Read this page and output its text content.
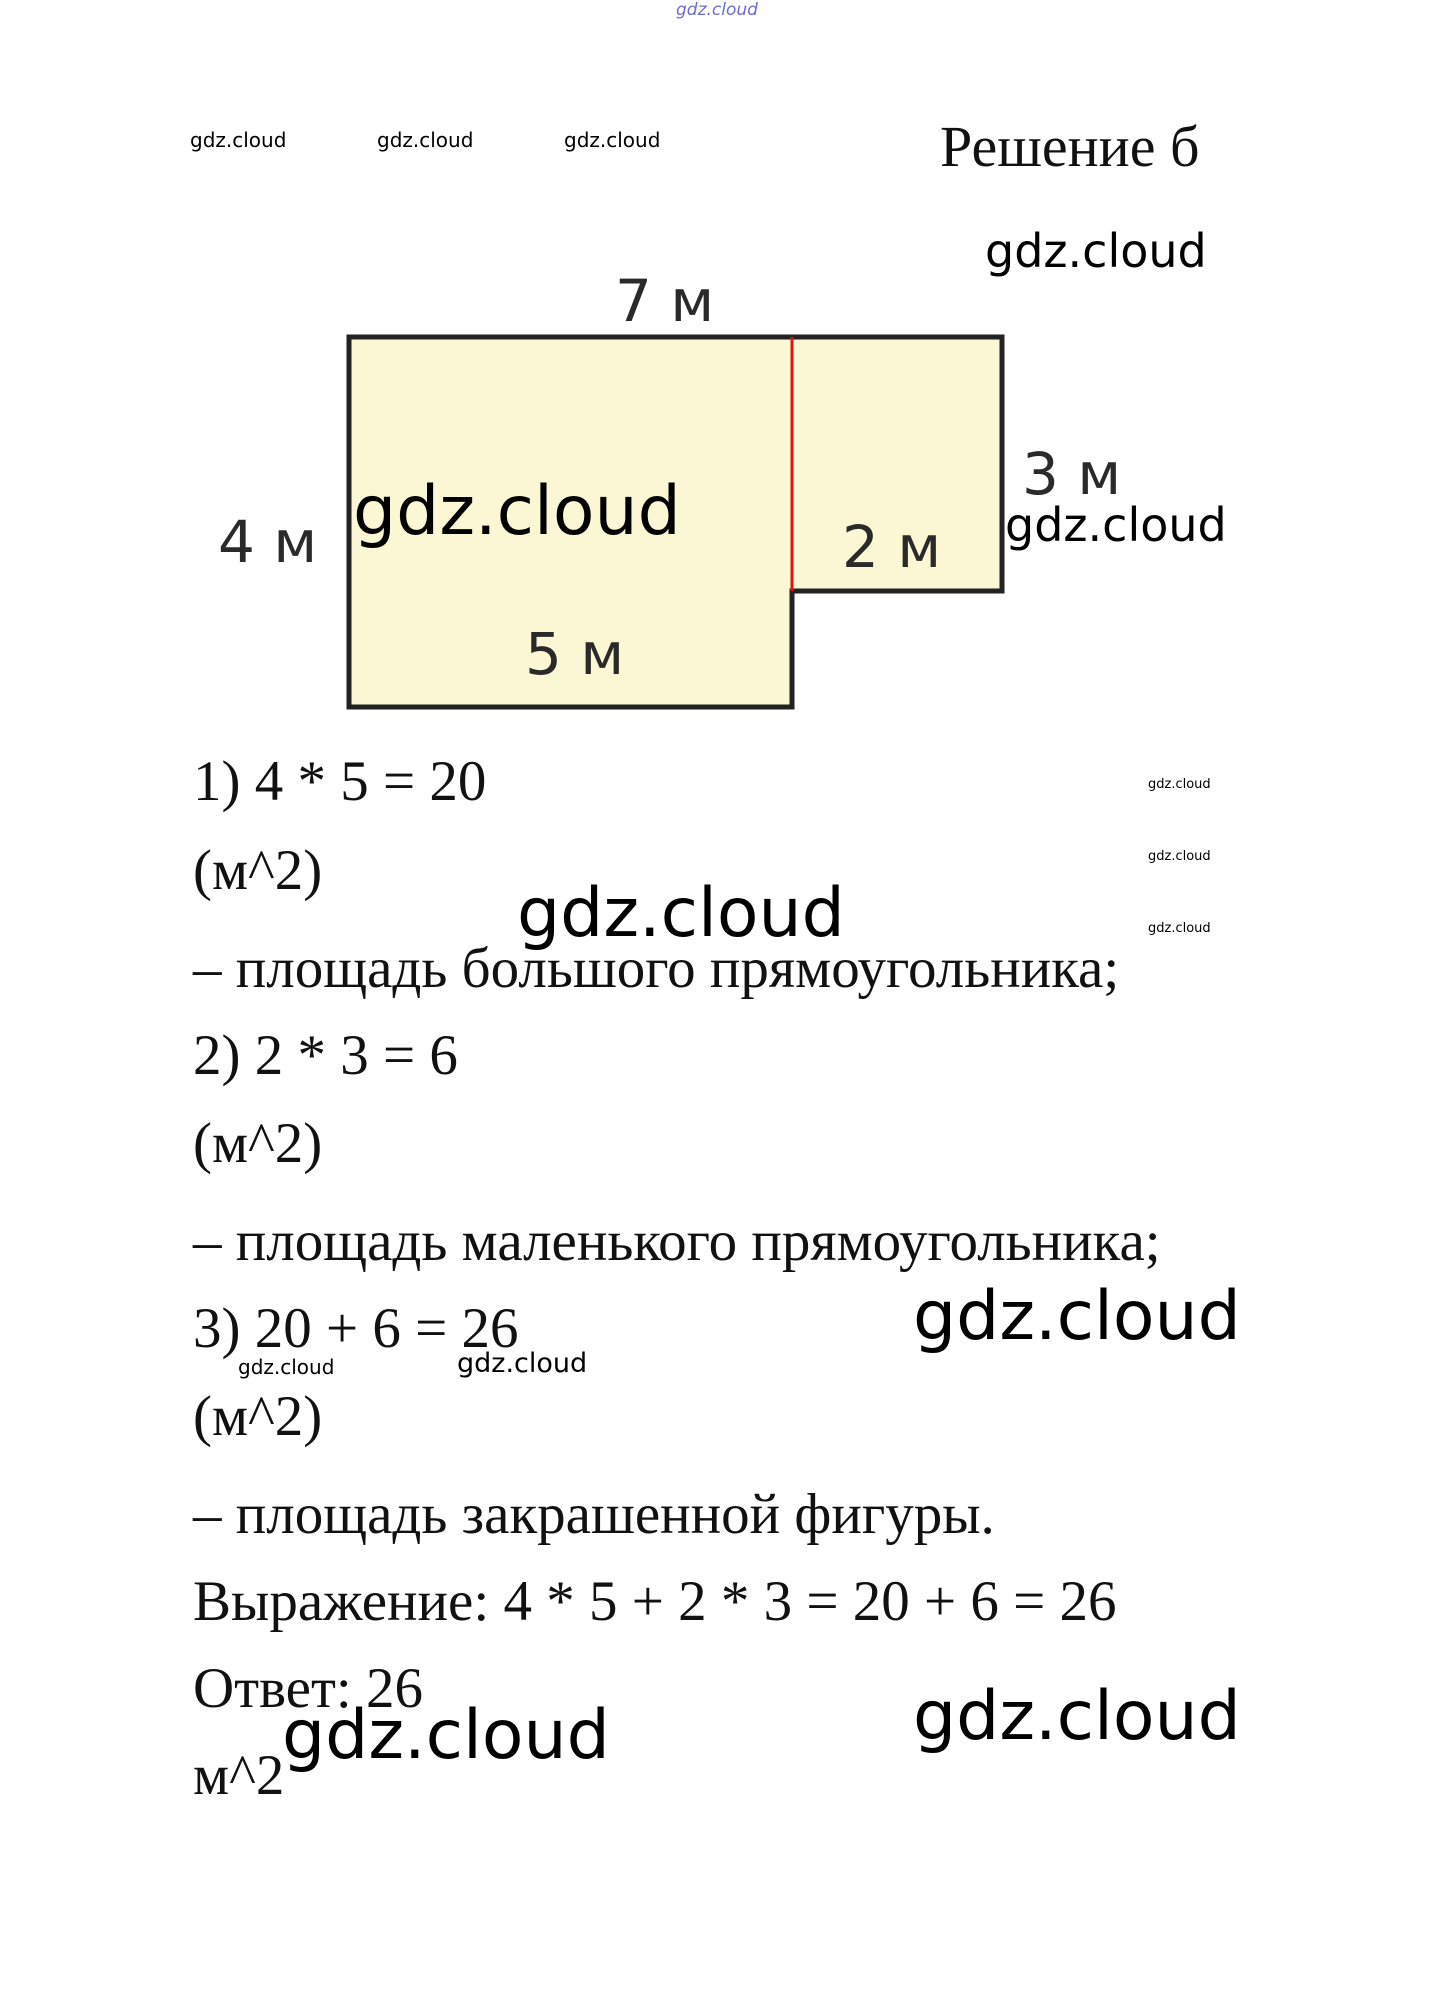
gdz.cloud
gdz.cloud	gdz.cloud	gdz.cloud	Решение б
gdz.cloud
7 м
4 м
3 м
2 м
5 м
gdz.cloud	gdz.cloud
1) 4 * 5 = 20
(м^2)
– площадь большого прямоугольника;
2) 2 * 3 = 6
(м^2)
– площадь маленького прямоугольника;
3) 20 + 6 = 26
(м^2)
– площадь закрашенной фигуры.
Выражение: 4 * 5 + 2 * 3 = 20 + 6 = 26
Ответ: 26
м^2
gdz.cloud
gdz.cloud
gdz.cloud
gdz.cloud
gdz.cloud
gdz.cloud	gdz.cloud
gdz.cloud	gdz.cloud
